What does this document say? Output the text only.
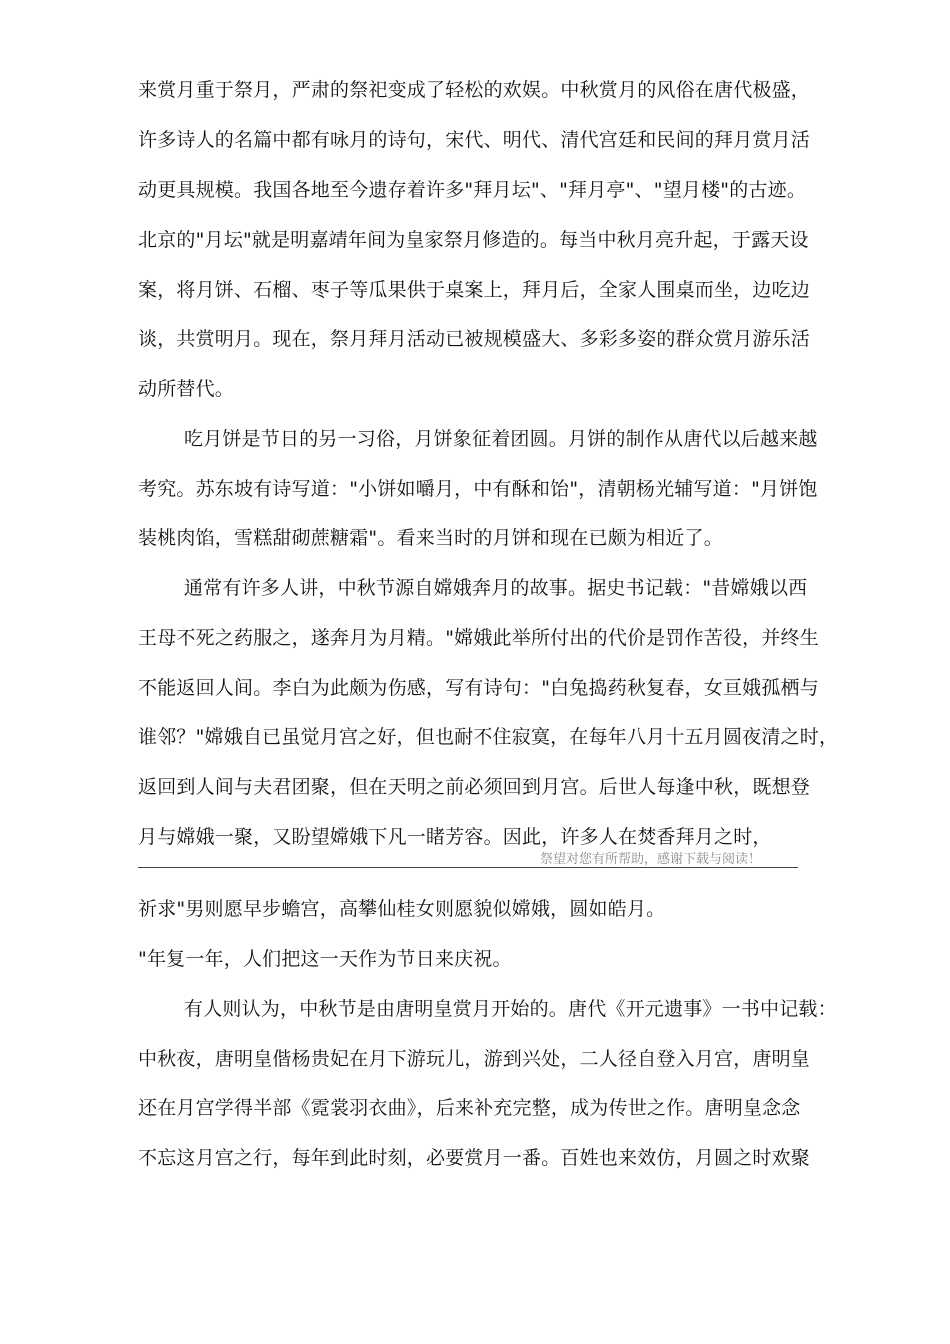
来赏月重于祭月，严肃的祭祀变成了轻松的欢娱。中秋赏月的风俗在唐代极盛，
许多诗人的名篇中都有咏月的诗句，宋代、明代、清代宫廷和民间的拜月赏月活
动更具规模。我国各地至今遗存着许多"拜月坛"、"拜月亭"、"望月楼"的古迹。
北京的"月坛"就是明嘉靖年间为皇家祭月修造的。每当中秋月亮升起，于露天设
案，将月饼、石榴、枣子等瓜果供于桌案上，拜月后，全家人围桌而坐，边吃边
谈，共赏明月。现在，祭月拜月活动已被规模盛大、多彩多姿的群众赏月游乐活
动所替代。
吃月饼是节日的另一习俗，月饼象征着团圆。月饼的制作从唐代以后越来越
考究。苏东坡有诗写道："小饼如嚼月，中有酥和饴"，清朝杨光辅写道："月饼饱
装桃肉馅，雪糕甜砌蔗糖霜"。看来当时的月饼和现在已颇为相近了。
通常有许多人讲，中秋节源自嫦娥奔月的故事。据史书记载："昔嫦娥以西
王母不死之药服之，遂奔月为月精。"嫦娥此举所付出的代价是罚作苦役，并终生
不能返回人间。李白为此颇为伤感，写有诗句："白兔捣药秋复春，女亘娥孤栖与
谁邻？"嫦娥自已虽觉月宫之好，但也耐不住寂寞，在每年八月十五月圆夜清之时，
返回到人间与夫君团聚，但在天明之前必须回到月宫。后世人每逢中秋，既想登
月与嫦娥一聚，又盼望嫦娥下凡一睹芳容。因此，许多人在焚香拜月之时，
祭望对您有所帮助，感谢下载与阅读！
祈求"男则愿早步蟾宫，高攀仙桂女则愿貌似嫦娥，圆如皓月。
"年复一年，人们把这一天作为节日来庆祝。
有人则认为，中秋节是由唐明皇赏月开始的。唐代《开元遗事》一书中记载：
中秋夜，唐明皇偕杨贵妃在月下游玩儿，游到兴处，二人径自登入月宫，唐明皇
还在月宫学得半部《霓裳羽衣曲》，后来补充完整，成为传世之作。唐明皇念念
不忘这月宫之行，每年到此时刻，必要赏月一番。百姓也来效仿，月圆之时欢聚
